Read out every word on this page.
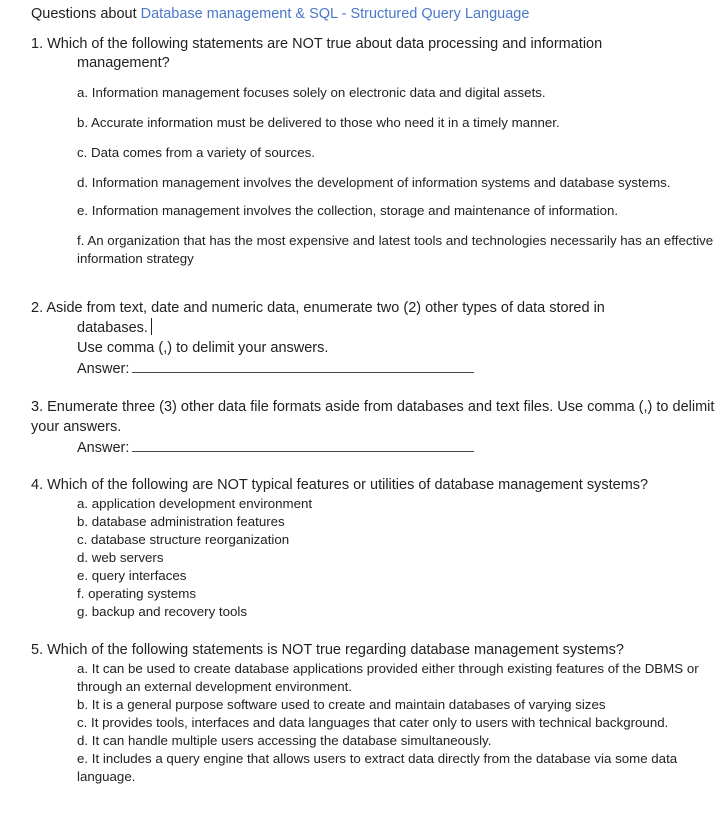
Questions about Database management & SQL - Structured Query Language
1. Which of the following statements are NOT true about data processing and information
management?
a. Information management focuses solely on electronic data and digital assets.
b. Accurate information must be delivered to those who need it in a timely manner.
c. Data comes from a variety of sources.
d. Information management involves the development of information systems and database systems.
e. Information management involves the collection, storage and maintenance of information.
f. An organization that has the most expensive and latest tools and technologies necessarily has an effective information strategy
2. Aside from text, date and numeric data, enumerate two (2) other types of data stored in
databases.
Use comma (,) to delimit your answers.
Answer:
3. Enumerate three (3) other data file formats aside from databases and text files. Use comma (,) to delimit your answers.
Answer:
4. Which of the following are NOT typical features or utilities of database management systems?
a. application development environment
b. database administration features
c. database structure reorganization
d. web servers
e. query interfaces
f. operating systems
g. backup and recovery tools
5. Which of the following statements is NOT true regarding database management systems?
a. It can be used to create database applications provided either through existing features of the DBMS or through an external development environment.
b. It is a general purpose software used to create and maintain databases of varying sizes
c. It provides tools, interfaces and data languages that cater only to users with technical background.
d. It can handle multiple users accessing the database simultaneously.
e. It includes a query engine that allows users to extract data directly from the database via some data language.
